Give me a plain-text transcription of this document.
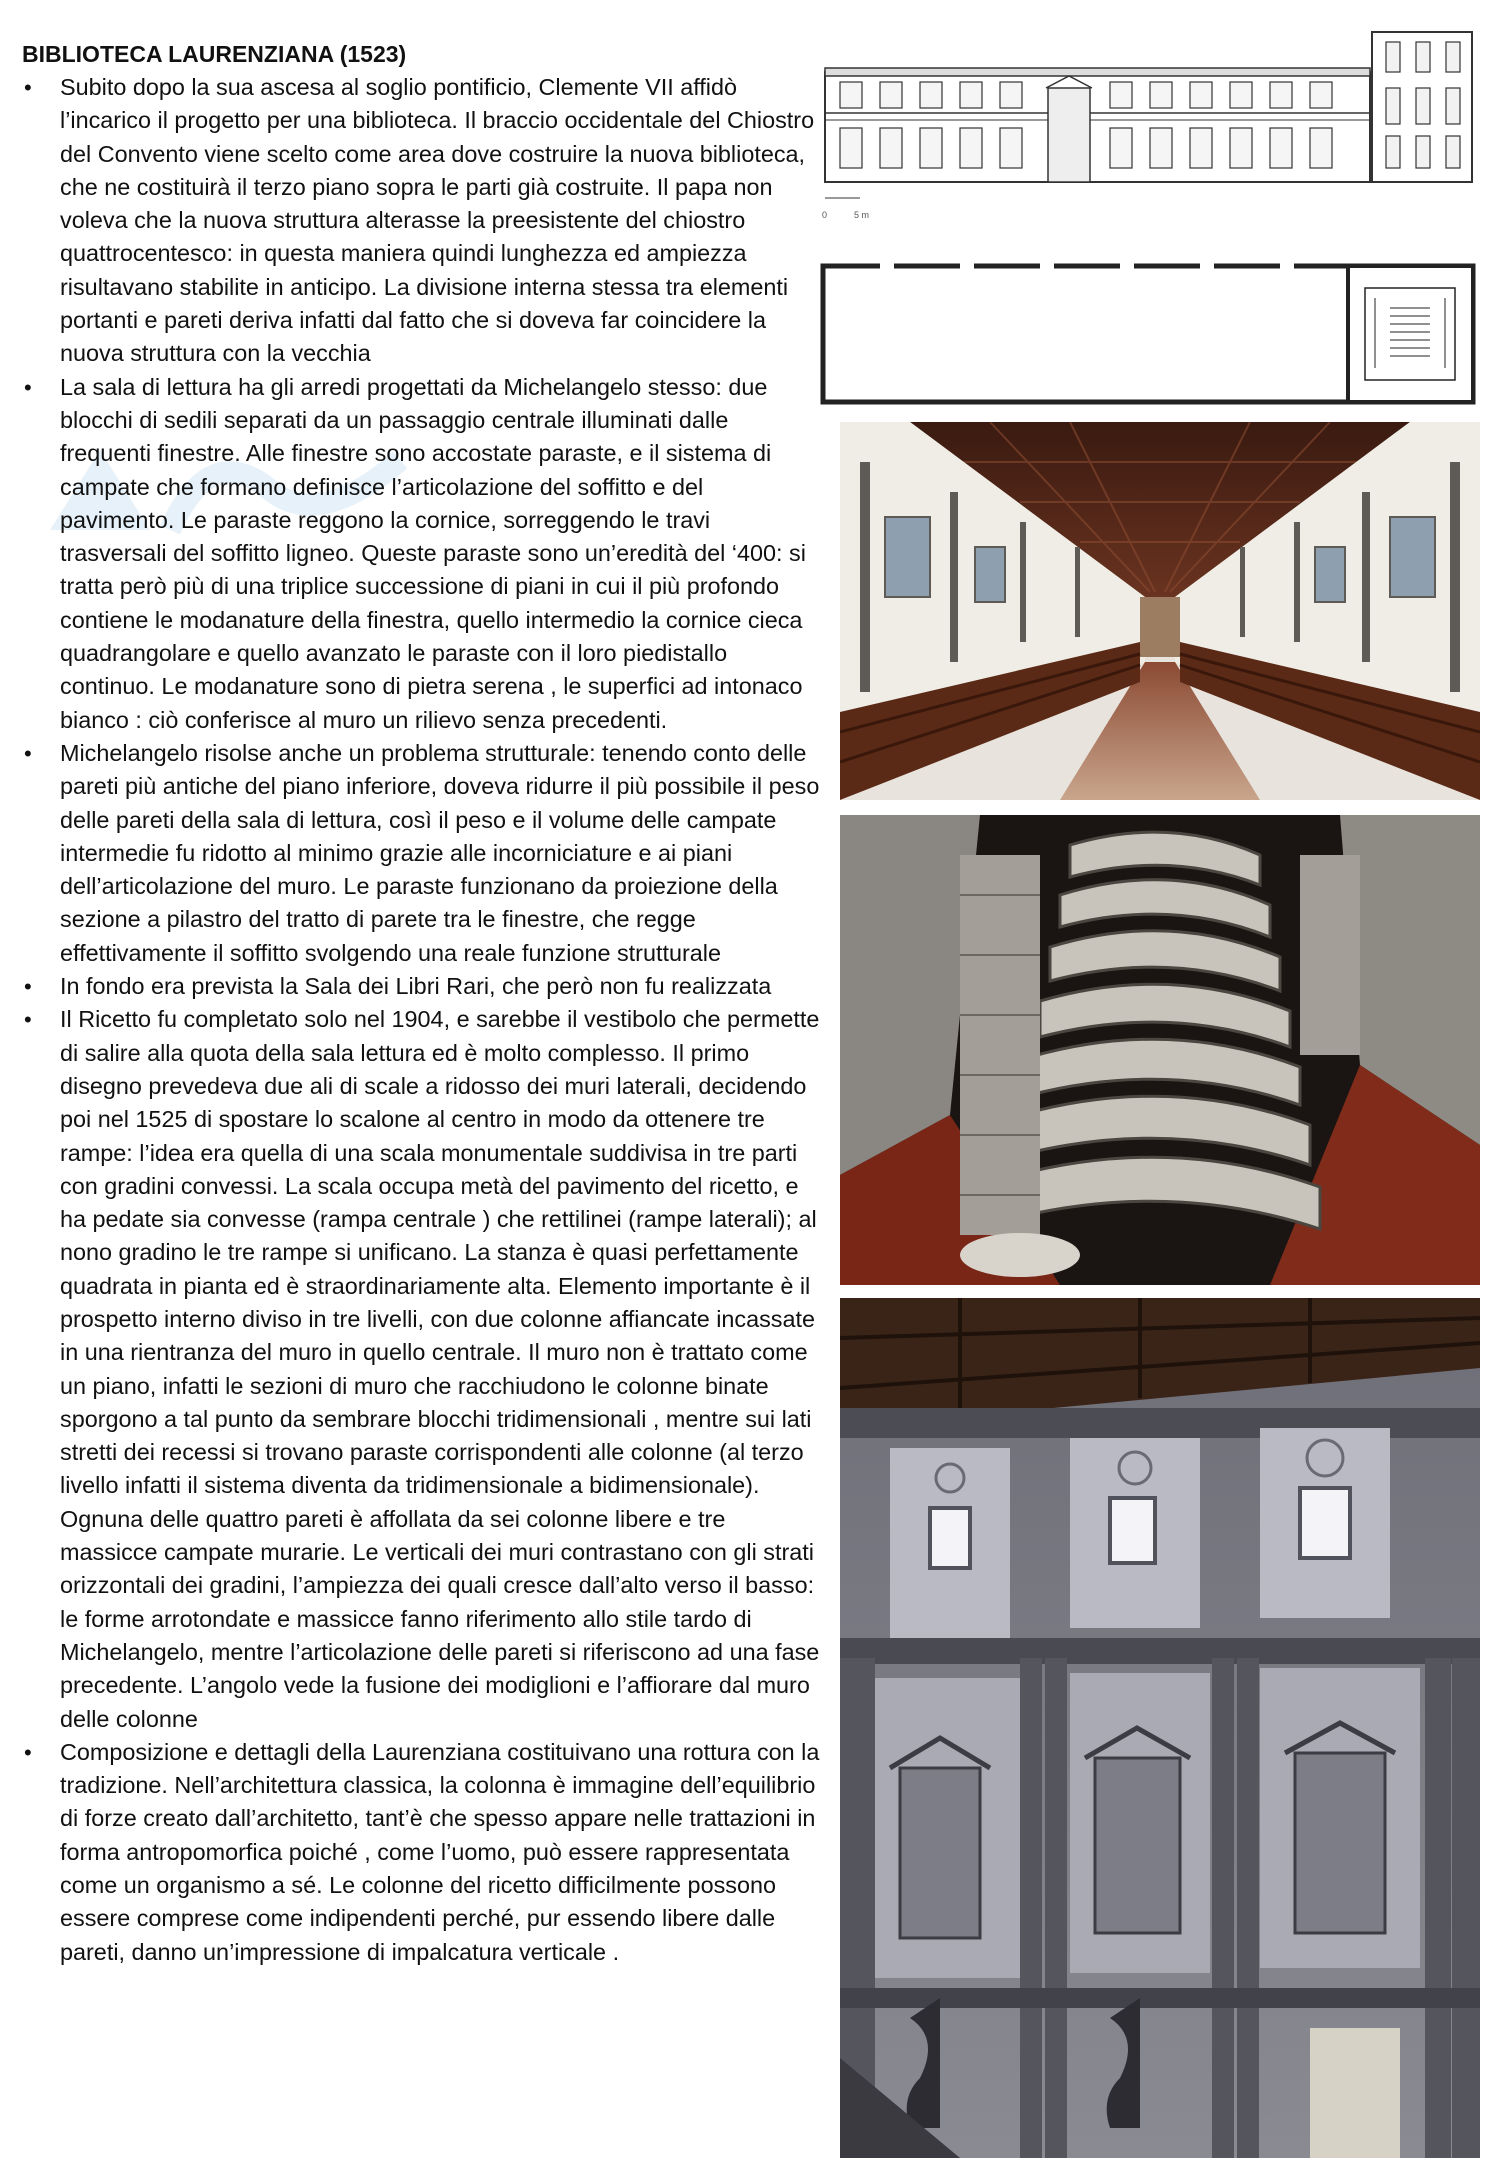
BIBLIOTECA LAURENZIANA (1523)

• Subito dopo la sua ascesa al soglio pontificio, Clemente VII affidò l’incarico il progetto per una biblioteca. Il braccio occidentale del Chiostro del Convento viene scelto come area dove costruire la nuova biblioteca, che ne costituirà il terzo piano sopra le parti già costruite. Il papa non voleva che la nuova struttura alterasse la preesistente del chiostro quattrocentesco: in questa maniera quindi lunghezza ed ampiezza risultavano stabilite in anticipo. La divisione interna stessa tra elementi portanti e pareti deriva infatti dal fatto che si doveva far coincidere la nuova struttura con la vecchia
• La sala di lettura ha gli arredi progettati da Michelangelo stesso: due blocchi di sedili separati da un passaggio centrale illuminati dalle frequenti finestre. Alle finestre sono accostate paraste, e il sistema di campate che formano definisce l’articolazione del soffitto e del pavimento. Le paraste reggono la cornice, sorreggendo le travi trasversali del soffitto ligneo. Queste paraste sono un’eredità del ‘400: si tratta però più di una triplice successione di piani in cui il più profondo contiene le modanature della finestra, quello intermedio la cornice cieca quadrangolare e quello avanzato le paraste con il loro piedistallo continuo. Le modanature sono di pietra serena , le superfici ad intonaco bianco : ciò conferisce al muro un rilievo senza precedenti.
• Michelangelo risolse anche un problema strutturale: tenendo conto delle pareti più antiche del piano inferiore, doveva ridurre il più possibile il peso delle pareti della sala di lettura, così il peso e il volume delle campate intermedie fu ridotto al minimo grazie alle incorniciature e ai piani dell’articolazione del muro. Le paraste funzionano da proiezione della sezione a pilastro del tratto di parete tra le finestre, che regge effettivamente il soffitto svolgendo una reale funzione strutturale
• In fondo era prevista la Sala dei Libri Rari, che però non fu realizzata
• Il Ricetto fu completato solo nel 1904, e sarebbe il vestibolo che permette di salire alla quota della sala lettura ed è molto complesso. Il primo disegno prevedeva due ali di scale a ridosso dei muri laterali, decidendo poi nel 1525 di spostare lo scalone al centro in modo da ottenere tre rampe: l’idea era quella di una scala monumentale suddivisa in tre parti con gradini convessi. La scala occupa metà del pavimento del ricetto, e ha pedate sia convesse (rampa centrale ) che rettilinei (rampe laterali); al nono gradino le tre rampe si unificano. La stanza è quasi perfettamente quadrata in pianta ed è straordinariamente alta. Elemento importante è il prospetto interno diviso in tre livelli, con due colonne affiancate incassate in una rientranza del muro in quello centrale. Il muro non è trattato come un piano, infatti le sezioni di muro che racchiudono le colonne binate sporgono a tal punto da sembrare blocchi tridimensionali , mentre sui lati stretti dei recessi si trovano paraste corrispondenti alle colonne (al terzo livello infatti il sistema diventa da tridimensionale a bidimensionale). Ognuna delle quattro pareti è affollata da sei colonne libere e tre massicce campate murarie. Le verticali dei muri contrastano con gli strati orizzontali dei gradini, l’ampiezza dei quali cresce dall’alto verso il basso: le forme arrotondate e massicce fanno riferimento allo stile tardo di Michelangelo, mentre l’articolazione delle pareti si riferiscono ad una fase precedente. L’angolo vede la fusione dei modiglioni e l’affiorare dal muro delle colonne
• Composizione e dettagli della Laurenziana costituivano una rottura con la tradizione. Nell’architettura classica, la colonna è immagine dell’equilibrio di forze creato dall’architetto, tant’è che spesso appare nelle trattazioni in forma antropomorfica poiché , come l’uomo, può essere rappresentata come un organismo a sé. Le colonne del ricetto difficilmente possono essere comprese come indipendenti perché, pur essendo libere dalle pareti, danno un’impressione di impalcatura verticale .
0	5 m
